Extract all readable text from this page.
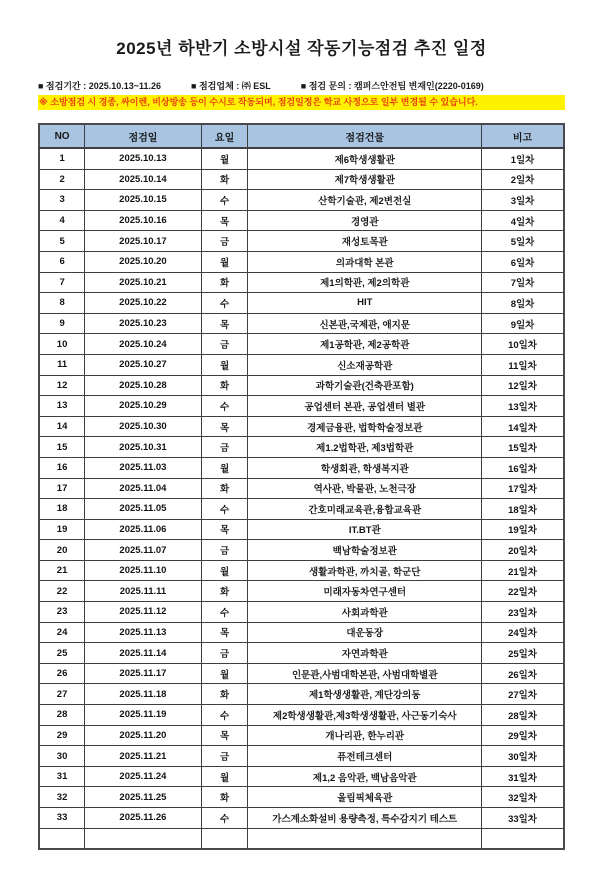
2025년 하반기 소방시설 작동기능점검 추진 일정
■ 점검기간 : 2025.10.13~11.26	■ 점검업체 : ㈜ ESL	■ 점검 문의 : 캠퍼스안전팀 변재인(2220-0169)
※ 소방점검 시 경종, 싸이렌, 비상방송 등이 수시로 작동되며, 점검일정은 학교 사정으로 일부 변경될 수 있습니다.
NO	점검일	요일	점검건물	비고
1	2025.10.13	월	제6학생생활관	1일차
2	2025.10.14	화	제7학생생활관	2일차
3	2025.10.15	수	산학기술관, 제2변전실	3일차
4	2025.10.16	목	경영관	4일차
5	2025.10.17	금	재성토목관	5일차
6	2025.10.20	월	의과대학 본관	6일차
7	2025.10.21	화	제1의학관, 제2의학관	7일차
8	2025.10.22	수	HIT	8일차
9	2025.10.23	목	신본관,국제관, 애지문	9일차
10	2025.10.24	금	제1공학관, 제2공학관	10일차
11	2025.10.27	월	신소재공학관	11일차
12	2025.10.28	화	과학기술관(건축관포함)	12일차
13	2025.10.29	수	공업센터 본관, 공업센터 별관	13일차
14	2025.10.30	목	경제금융관, 법학학술정보관	14일차
15	2025.10.31	금	제1.2법학관, 제3법학관	15일차
16	2025.11.03	월	학생회관, 학생복지관	16일차
17	2025.11.04	화	역사관, 박물관, 노천극장	17일차
18	2025.11.05	수	간호미래교육관,융합교육관	18일차
19	2025.11.06	목	IT.BT관	19일차
20	2025.11.07	금	백남학술정보관	20일차
21	2025.11.10	월	생활과학관, 까치골, 학군단	21일차
22	2025.11.11	화	미래자동차연구센터	22일차
23	2025.11.12	수	사회과학관	23일차
24	2025.11.13	목	대운동장	24일차
25	2025.11.14	금	자연과학관	25일차
26	2025.11.17	월	인문관,사범대학본관, 사범대학별관	26일차
27	2025.11.18	화	제1학생생활관, 계단강의동	27일차
28	2025.11.19	수	제2학생생활관,제3학생생활관, 사근동기숙사	28일차
29	2025.11.20	목	개나리관, 한누리관	29일차
30	2025.11.21	금	퓨전테크센터	30일차
31	2025.11.24	월	제1,2 음악관, 백남음악관	31일차
32	2025.11.25	화	올림픽체육관	32일차
33	2025.11.26	수	가스계소화설비 용량측정, 특수감지기 테스트	33일차
